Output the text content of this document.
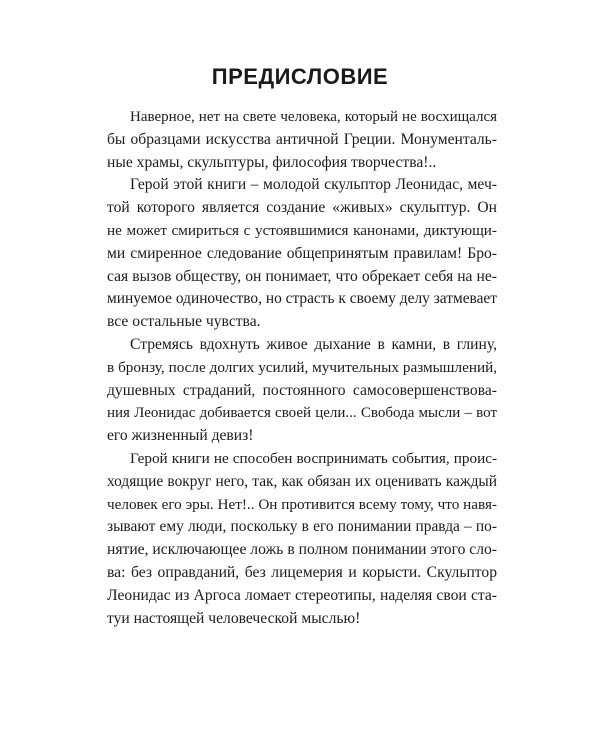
ПРЕДИСЛОВИЕ
Наверное, нет на свете человека, который не восхищался
бы образцами искусства античной Греции. Монументаль-
ные храмы, скульптуры, философия творчества!..
Герой этой книги – молодой скульптор Леонидас, меч-
той которого является создание «живых» скульптур. Он
не может смириться с устоявшимися канонами, диктующи-
ми смиренное следование общепринятым правилам! Бро-
сая вызов обществу, он понимает, что обрекает себя на не-
минуемое одиночество, но страсть к своему делу затмевает
все остальные чувства.
Стремясь вдохнуть живое дыхание в камни, в глину,
в бронзу, после долгих усилий, мучительных размышлений,
душевных страданий, постоянного самосовершенствова-
ния Леонидас добивается своей цели... Свобода мысли – вот
его жизненный девиз!
Герой книги не способен воспринимать события, проис-
ходящие вокруг него, так, как обязан их оценивать каждый
человек его эры. Нет!.. Он противится всему тому, что навя-
зывают ему люди, поскольку в его понимании правда – по-
нятие, исключающее ложь в полном понимании этого сло-
ва: без оправданий, без лицемерия и корысти. Скульптор
Леонидас из Аргоса ломает стереотипы, наделяя свои ста-
туи настоящей человеческой мыслью!
